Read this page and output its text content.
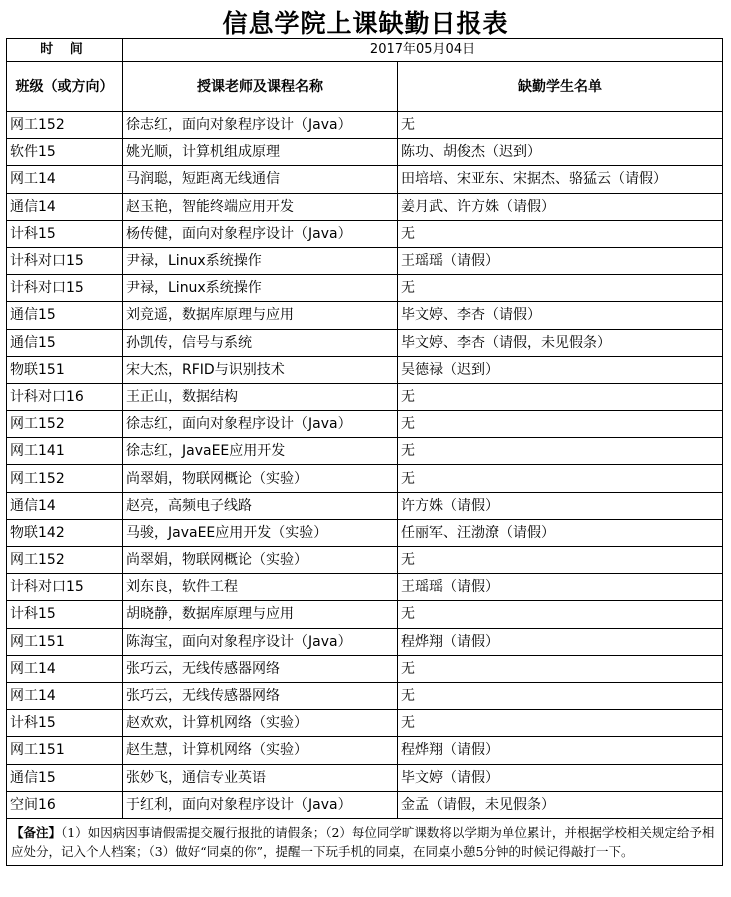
信息学院上课缺勤日报表
时 间	2017年05月04日	
班级（或方向）	授课老师及课程名称	缺勤学生名单
网工152	徐志红，面向对象程序设计（Java）	无
软件15	姚光顺，计算机组成原理	陈功、胡俊杰（迟到）
网工14	马润聪，短距离无线通信	田培培、宋亚东、宋据杰、骆猛云（请假）
通信14	赵玉艳，智能终端应用开发	姜月武、许方姝（请假）
计科15	杨传健，面向对象程序设计（Java）	无
计科对口15	尹禄，Linux系统操作	王瑶瑶（请假）
计科对口15	尹禄，Linux系统操作	无
通信15	刘竞遥，数据库原理与应用	毕文婷、李杏（请假）
通信15	孙凯传，信号与系统	毕文婷、李杏（请假，未见假条）
物联151	宋大杰，RFID与识别技术	吴德禄（迟到）
计科对口16	王正山，数据结构	无
网工152	徐志红，面向对象程序设计（Java）	无
网工141	徐志红，JavaEE应用开发	无
网工152	尚翠娟，物联网概论（实验）	无
通信14	赵亮，高频电子线路	许方姝（请假）
物联142	马骏，JavaEE应用开发（实验）	任丽军、汪渤潦（请假）
网工152	尚翠娟，物联网概论（实验）	无
计科对口15	刘东良，软件工程	王瑶瑶（请假）
计科15	胡晓静，数据库原理与应用	无
网工151	陈海宝，面向对象程序设计（Java）	程烨翔（请假）
网工14	张巧云，无线传感器网络	无
网工14	张巧云，无线传感器网络	无
计科15	赵欢欢，计算机网络（实验）	无
网工151	赵生慧，计算机网络（实验）	程烨翔（请假）
通信15	张妙飞，通信专业英语	毕文婷（请假）
空间16	于红利，面向对象程序设计（Java）	金孟（请假，未见假条）
【备注】（1）如因病因事请假需提交履行报批的请假条；（2）每位同学旷课数将以学期为单位累计，并根据学校相关规定给予相应处分，记入个人档案；（3）做好“同桌的你”，提醒一下玩手机的同桌，在同桌小憩5分钟的时候记得敲打一下。		
